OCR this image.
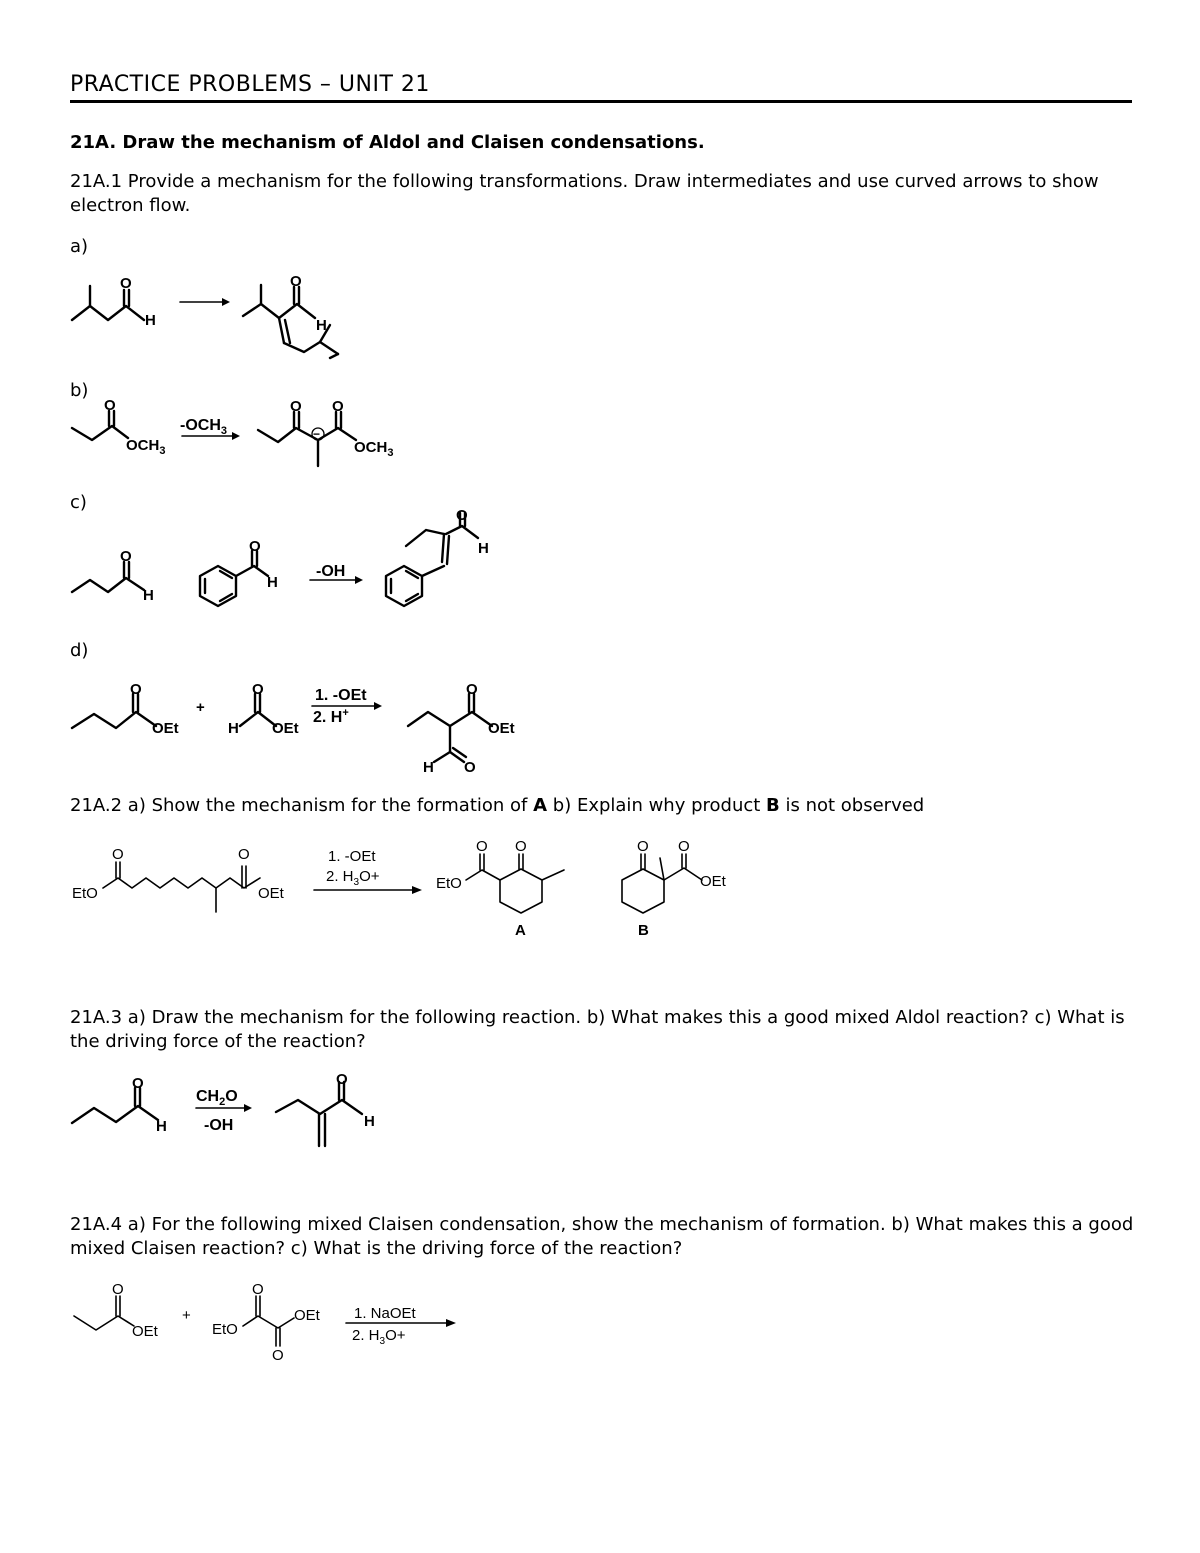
PRACTICE PROBLEMS – UNIT 21
21A. Draw the mechanism of Aldol and Claisen condensations.
21A.1 Provide a mechanism for the following transformations. Draw intermediates and use curved arrows to show electron flow.
a)
O
H
O
H
b)
O
$OCH_3$
$-OCH_3$
O O
−
$OCH_3$
c)
O
H
O
H
-OH
O
H
d)
O
OEt
+
H
O
OEt
1. -OEt
2. H+
O
OEt
H O
21A.2 a) Show the mechanism for the formation of A b) Explain why product B is not observed
EtO
O	O
OEt
1. -OEt
2. $H_3O+$	EtO
O O
A
O O
OEt
B
21A.3 a) Draw the mechanism for the following reaction. b) What makes this a good mixed Aldol reaction? c) What is the driving force of the reaction?
O
H
$CH_2O$
-OH
O
H
21A.4 a) For the following mixed Claisen condensation, show the mechanism of formation. b) What makes this a good mixed Claisen reaction? c) What is the driving force of the reaction?
O
OEt
+
EtO
O
O
OEt 1. NaOEt
2. $H_3O+$
